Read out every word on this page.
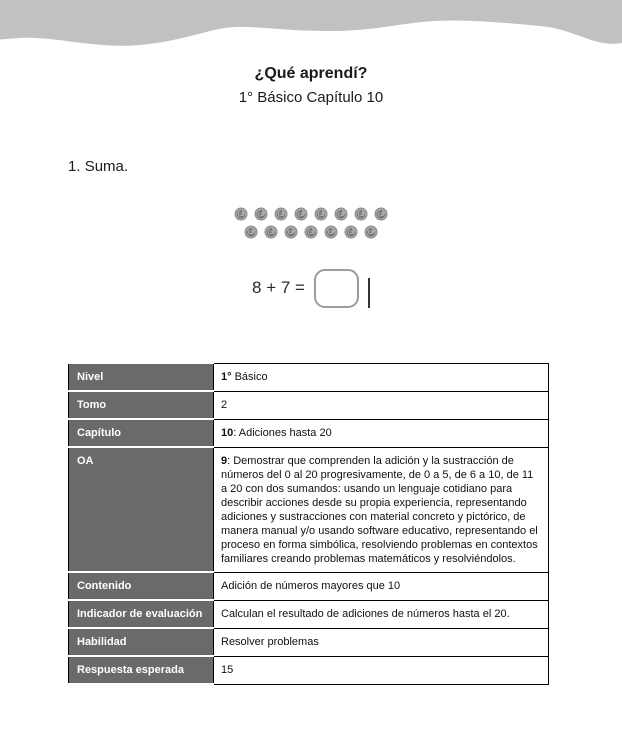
¿Qué aprendí?
1° Básico Capítulo 10
1. Suma.
8 + 7 =
Nivel	1° Básico
Tomo	2
Capítulo	10: Adiciones hasta 20
OA	9: Demostrar que comprenden la adición y la sustracción de números del 0 al 20 progresivamente, de 0 a 5, de 6 a 10, de 11 a 20 con dos sumandos: usando un lenguaje cotidiano para describir acciones desde su propia experiencia, representando adiciones y sustracciones con material concreto y pictórico, de manera manual y/o usando software educativo, representando el proceso en forma simbólica, resolviendo problemas en contextos familiares creando problemas matemáticos y resolviéndolos.
Contenido	Adición de números mayores que 10
Indicador de evaluación	Calculan el resultado de adiciones de números hasta el 20.
Habilidad	Resolver problemas
Respuesta esperada	15
